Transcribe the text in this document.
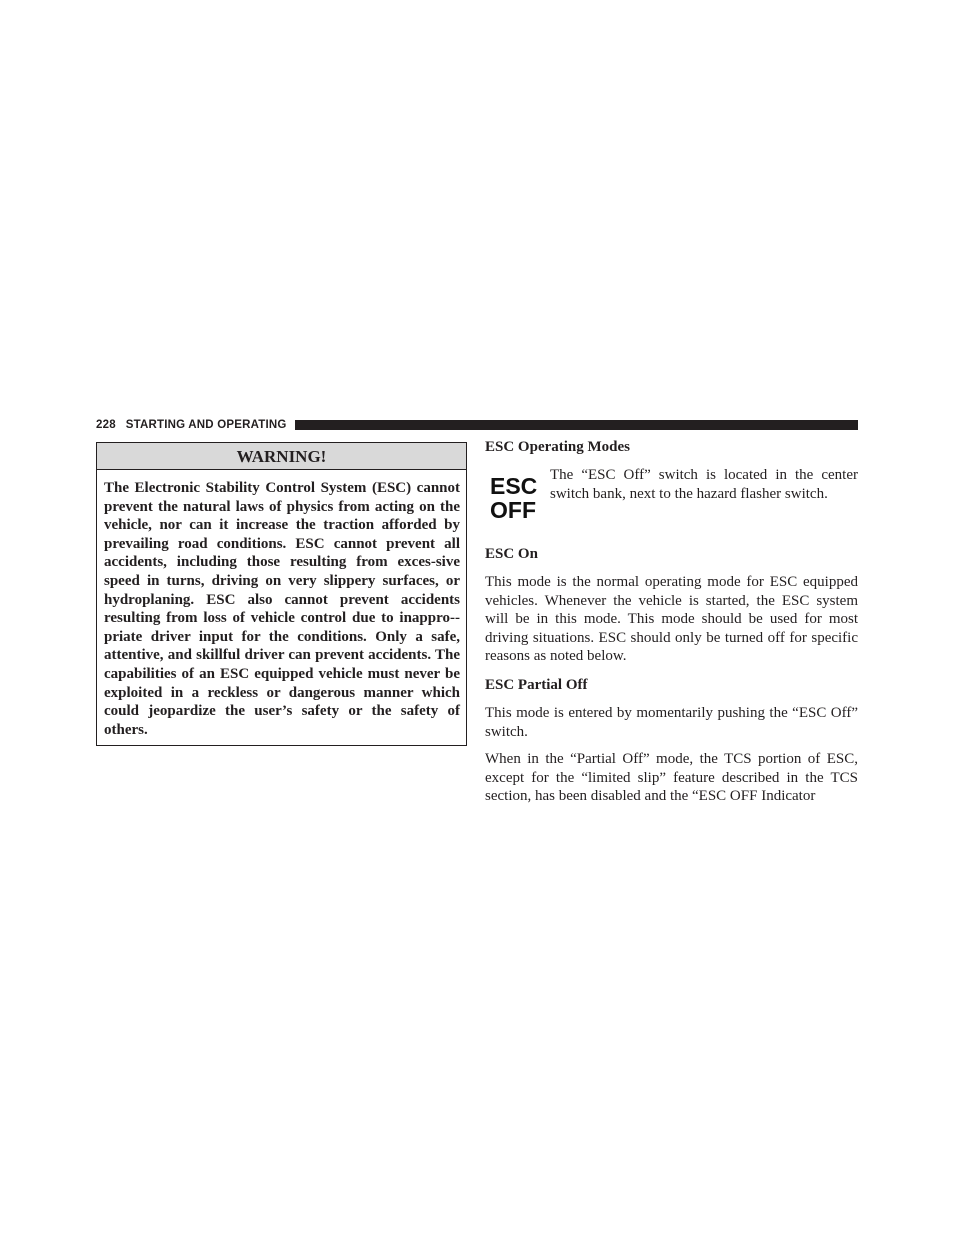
228 STARTING AND OPERATING
WARNING!
The Electronic Stability Control System (ESC) cannot prevent the natural laws of physics from acting on the vehicle, nor can it increase the traction afforded by prevailing road conditions. ESC cannot prevent all accidents, including those resulting from exces-sive speed in turns, driving on very slippery surfaces, or hydroplaning. ESC also cannot prevent accidents resulting from loss of vehicle control due to inappro-priate driver input for the conditions. Only a safe, attentive, and skillful driver can prevent accidents. The capabilities of an ESC equipped vehicle must never be exploited in a reckless or dangerous manner which could jeopardize the user’s safety or the safety of others.
ESC Operating Modes
ESC
OFF

The “ESC Off” switch is located in the center switch bank, next to the hazard flasher switch.

ESC On

This mode is the normal operating mode for ESC equipped vehicles. Whenever the vehicle is started, the ESC system will be in this mode. This mode should be used for most driving situations. ESC should only be turned off for specific reasons as noted below.

ESC Partial Off

This mode is entered by momentarily pushing the “ESC Off” switch.

When in the “Partial Off” mode, the TCS portion of ESC, except for the “limited slip” feature described in the TCS section, has been disabled and the “ESC OFF Indicator
